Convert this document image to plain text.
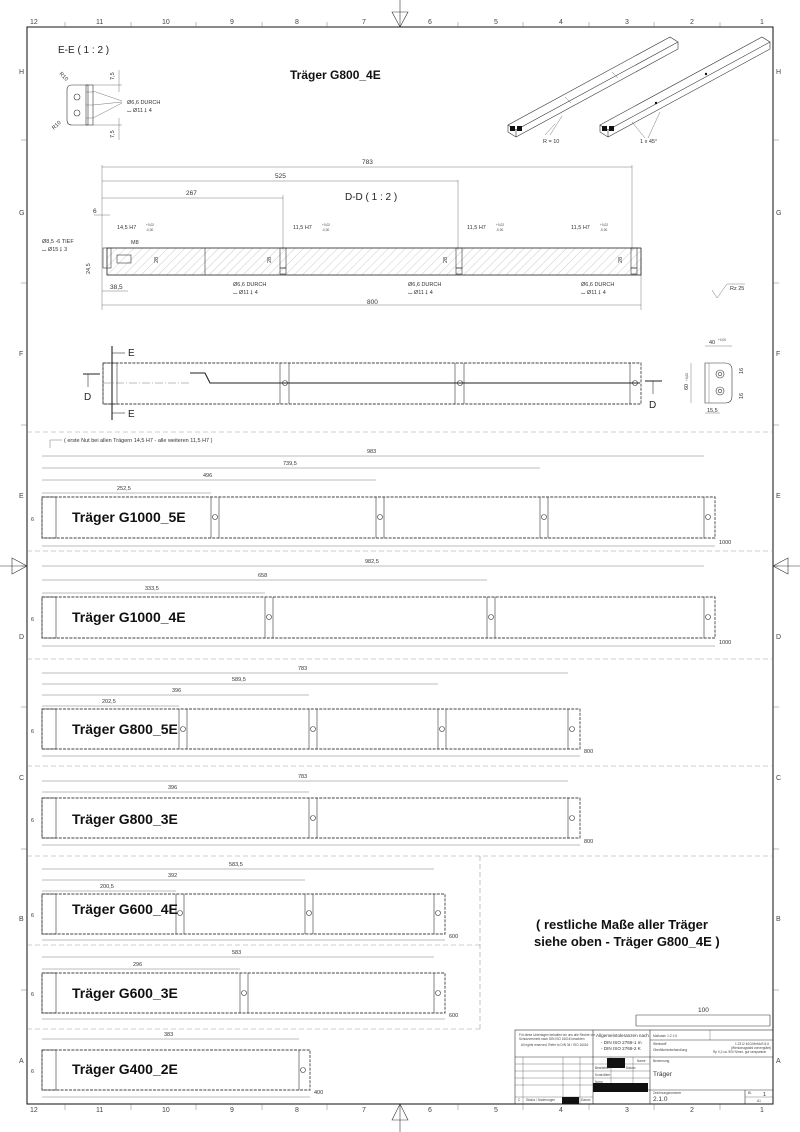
12	11	10	9	8	7	6	5	4	3	2	1
12	11	10	9	8	7	6	5	4	3	2	1
H
G
F
E
D
C
B
A
H
G
F
E
D
C
B
A
Träger G800_4E
E-E ( 1 : 2 )
7,5
7,5
R10
R10
Ø6,6 DURCH
⌴ Ø11 ↧ 4
R = 10	1 x 45°
D-D ( 1 : 2 )
783
525
267
6
800
38,5
14,5 H7	+0,02
-0,00	11,5 H7	+0,02
-0,00	11,5 H7	+0,02
-0,00	11,5 H7	+0,02
-0,00
M8
28	28	28	28
24,5
Ø8,5 -6 TIEF
⌴ Ø15 ↧ 3
Ø6,6 DURCH
⌴ Ø11 ↧ 4
Ø6,6 DURCH
⌴ Ø11 ↧ 4
Ø6,6 DURCH
⌴ Ø11 ↧ 4
Rz 25
E
E
D
D
40 +0,00
60
+0,00
16
16
15,5
( erste Nut bei allen Trägern 14,5 H7 - alle weiteren 11,5 H7 )
983
739,5
496
252,5
1000
6	Träger G1000_5E
982,5
658
333,5
1000
6	Träger G1000_4E
783
589,5
396
202,5
800
6	Träger G800_5E
783
396
800
6	Träger G800_3E
583,5
392
200,5
600
6	Träger G600_4E
583
296
600
6	Träger G600_3E
383
400
6	Träger G400_2E
( restliche Maße aller Träger
siehe oben - Träger G800_4E )
100
Für diese Unterlagen behalten wir uns alle Rechte vor.
Schutzvermerk nach DIN ISO 16016 beachten
All rights reserved. Refer to DIN 34 / ISO 16016
Allgemeintoleranzen nach
- DIN ISO 2768-1 m
- DIN ISO 2768-2 K
Maßstab: 1:2 1:5
Werkstoff
Oberflächenbehandlung
1.2312 40CrMnMoS 8-6
(Werkzeugstahl vorvergütet)
Rp 0,2 ca. 900 N/mm, gut verspanbar
Name
Bearbeitet	Datum
Kontrolliert
Norm
Benennung
Träger
Zeichnungsnummer
2.1.0
Bl. 1
A1
C Status / Änderungen	Datum
